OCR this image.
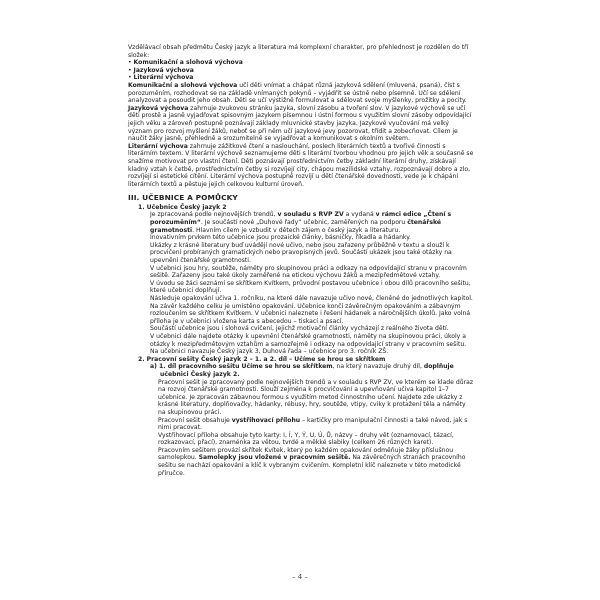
Vzdělávací obsah předmětu Český jazyk a literatura má komplexní charakter, pro přehlednost je rozdělen do tří složek:

• Komunikační a slohová výchova
• Jazyková výchova
• Literární výchova

Komunikační a slohová výchova učí děti vnímat a chápat různá jazyková sdělení (mluvená, psaná), číst s porozuměním, rozhodovat se na základě vnímaných pokynů – vyjádřit se ústně nebo písemně. Učí se sdělení analyzovat a posoudit jeho obsah. Děti se učí výstižně formulovat a sdělovat svoje myšlenky, prožitky a pocity.

Jazyková výchova zahrnuje zvukovou stránku jazyka, slovní zásobu a tvoření slov. V jazykové výchově se učí děti prostě a jasně vyjadřovat spisovným jazykem písemnou i ústní formou s využitím slovní zásoby odpovídající jejich věku a zároveň postupně poznávají základy mluvnické stavby jazyka. Jazykové vyučování má velký význam pro rozvoj myšlení žáků, neboť se při něm učí jazykové jevy pozorovat, třídit a zobecňovat. Cílem je naučit žáky jasně, přehledně a srozumitelně se vyjadřovat a komunikovat s okolním světem.

Literární výchova zahrnuje zážitkové čtení a naslouchání, poslech literárních textů a tvořivé činnosti s literárním textem. V literární výchově seznamujeme děti s literární tvorbou vhodnou pro jejich věk a současně se snažíme motivovat pro vlastní čtení. Děti poznávají prostřednictvím četby základní literární druhy, získávají kladný vztah k četbě, prostřednictvím četby si rozvíjejí city, chápou mezilidské vztahy, rozpoznávají dobro a zlo, rozvíjejí si estetické cítění. Literární výchova postupně rozvíjí u dětí čtenářské dovednosti, vede je k chápání literárních textů a pěstuje jejich celkovou kulturní úroveň.

III. UČEBNICE A POMŮCKY
1. Učebnice Český jazyk 2

Je zpracovaná podle nejnovějších trendů, v souladu s RVP ZV a vydaná v rámci edice „Čtení s porozuměním“. Je součástí nové „Duhové řady“ učebnic, zaměřených na podporu čtenářské gramotnosti. Hlavním cílem je vzbudit v dětech zájem o český jazyk a literaturu.

Inovativním prvkem této učebnice jsou prozaické články, básničky, říkadla a hádanky.

Ukázky z krásné literatury buď uvádějí nové učivo, nebo jsou zařazeny průběžně v textu a slouží k procvičení probíraných gramatických nebo pravopisných jevů. Součástí ukázek jsou také otázky na upevnění čtenářské gramotnosti.

V učebnici jsou hry, soutěže, náměty pro skupinovou práci a odkazy na odpovídající stranu v pracovním sešitě. Zařazeny jsou také úkoly zaměřené na etickou výchovu žáků a mezipředmětové vztahy.

V úvodu se žáci seznámí se skřítkem Kvítkem, průvodní postavou učebnice i obou dílů pracovního sešitu, které učebnici doplňují.

Následuje opakování učiva 1. ročníku, na které dále navazuje učivo nové, členěné do jednotlivých kapitol. Na závěr každého celku je umístěno opakování. Učebnice končí závěrečným opakováním a zábavným rozloučením se skřítkem Kvítkem. V učebnici naleznete i řešení hádanek a náročnějších úkolů. Jako volná příloha je v učebnici vložena karta s abecedou – tiskací a psací.

Součástí učebnice jsou i slohová cvičení, jejichž motivační články vycházejí z reálného života dětí.

V učebnici dále najdete otázky k upevnění čtenářské gramotnosti, náměty na skupinovou práci, úkoly a otázky k mezipředmětovým vztahům a samozřejmě i odkazy na odpovídající strany v pracovním sešitu.

Na učebnici navazuje Český jazyk 3, Duhová řada – učebnice pro 3. ročník ZŠ.

2. Pracovní sešity Český jazyk 2 – 1. a 2. díl – Učíme se hrou se skřítkem
a) 1. díl pracovního sešitu Učíme se hrou se skřítkem, na který navazuje druhý díl, doplňuje učebnici Český jazyk 2.

Pracovní sešit je zpracovaný podle nejnovějších trendů a v souladu s RVP ZV, ve kterém se klade důraz na rozvoj čtenářské gramotnosti. Slouží zejména k procvičování a upevňování učiva kapitol 1–7 učebnice. Je zpracován zábavnou formou s využitím metod činnostního učení. Najdete zde ukázky z krásné literatury, doplňovačky, hádanky, rébusy, hry, soutěže, vtipy, cviky k protažení těla a náměty na skupinovou práci.

Pracovní sešit obsahuje vystřihovací přílohu – kartičky pro manipulační činnosti a také návod, jak s nimi pracovat.

Vystřihovací příloha obsahuje tyto karty: I, Í, Y, Ý, U, Ú, Ů, názvy – druhy vět (oznamovací, tázací, rozkazovací, přací), znaménka za větou, tvrdé a měkké slabiky (celkem 26 různých karet).

Pracovním sešitem provází skřítek Kvítek, který po každém opakování odměňuje žáky příslušnou samolepkou. Samolepky jsou vložené v pracovním sešitě. Na závěrečných stranách pracovního sešitu se nachází opakování a klíč k vybraným cvičením. Kompletní klíč naleznete v této metodické příručce.

– 4 –
